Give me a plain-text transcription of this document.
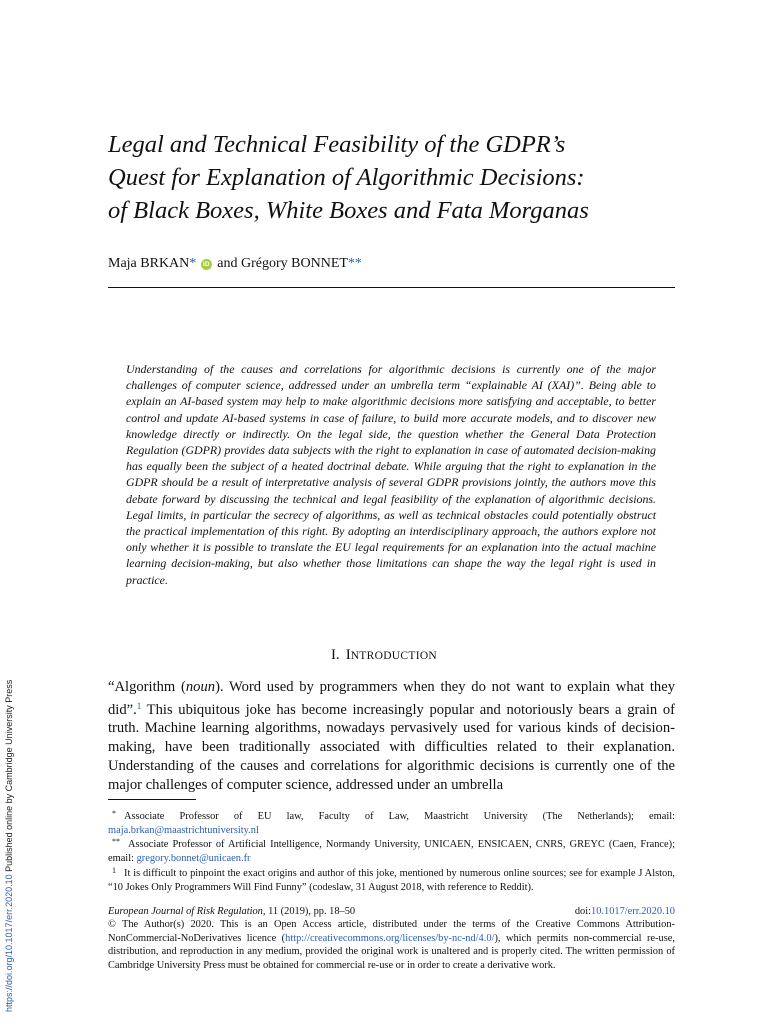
Legal and Technical Feasibility of the GDPR’s
Quest for Explanation of Algorithmic Decisions:
of Black Boxes, White Boxes and Fata Morganas
Maja BRKAN* iD and Grégory BONNET**

Understanding of the causes and correlations for algorithmic decisions is currently one of the major challenges of computer science, addressed under an umbrella term “explainable AI (XAI)”. Being able to explain an AI-based system may help to make algorithmic decisions more satisfying and acceptable, to better control and update AI-based systems in case of failure, to build more accurate models, and to discover new knowledge directly or indirectly. On the legal side, the question whether the General Data Protection Regulation (GDPR) provides data subjects with the right to explanation in case of automated decision-making has equally been the subject of a heated doctrinal debate. While arguing that the right to explanation in the GDPR should be a result of interpretative analysis of several GDPR provisions jointly, the authors move this debate forward by discussing the technical and legal feasibility of the explanation of algorithmic decisions. Legal limits, in particular the secrecy of algorithms, as well as technical obstacles could potentially obstruct the practical implementation of this right. By adopting an interdisciplinary approach, the authors explore not only whether it is possible to translate the EU legal requirements for an explanation into the actual machine learning decision-making, but also whether those limitations can shape the way the legal right is used in practice.

I. INTRODUCTION

“Algorithm (noun). Word used by programmers when they do not want to explain what they did”.$^1$ This ubiquitous joke has become increasingly popular and notoriously bears a grain of truth. Machine learning algorithms, nowadays pervasively used for various kinds of decision-making, have been traditionally associated with difficulties related to their explanation. Understanding of the causes and correlations for algorithmic decisions is currently one of the major challenges of computer science, addressed under an umbrella

* Associate Professor of EU law, Faculty of Law, Maastricht University (The Netherlands); email: maja.brkan@maastrichtuniversity.nl
** Associate Professor of Artificial Intelligence, Normandy University, UNICAEN, ENSICAEN, CNRS, GREYC (Caen, France); email: gregory.bonnet@unicaen.fr
$^1$ It is difficult to pinpoint the exact origins and author of this joke, mentioned by numerous online sources; see for example J Alston, “10 Jokes Only Programmers Will Find Funny” (codeslaw, 31 August 2018, with reference to Reddit).
European Journal of Risk Regulation, 11 (2019), pp. 18–50	doi:10.1017/err.2020.10

© The Author(s) 2020. This is an Open Access article, distributed under the terms of the Creative Commons Attribution-NonCommercial-NoDerivatives licence (http://creativecommons.org/licenses/by-nc-nd/4.0/), which permits non-commercial re-use, distribution, and reproduction in any medium, provided the original work is unaltered and is properly cited. The written permission of Cambridge University Press must be obtained for commercial re-use or in order to create a derivative work.

https://doi.org/10.1017/err.2020.10 Published online by Cambridge University Press
